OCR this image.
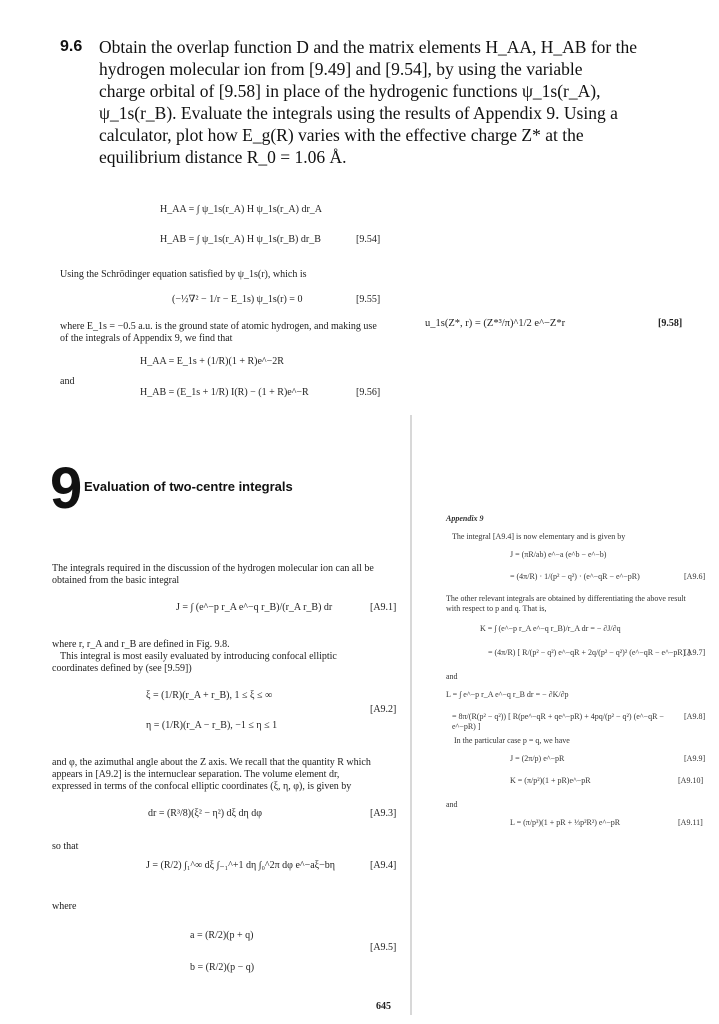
9.6 Obtain the overlap function D and the matrix elements H_AA, H_AB for the
hydrogen molecular ion from [9.49] and [9.54], by using the variable
charge orbital of [9.58] in place of the hydrogenic functions ψ_1s(r_A),
ψ_1s(r_B). Evaluate the integrals using the results of Appendix 9. Using a
calculator, plot how E_g(R) varies with the effective charge Z* at the
equilibrium distance R_0 = 1.06 Å.
H_AA = ∫ ψ_1s(r_A) H ψ_1s(r_A) dr_A
H_AB = ∫ ψ_1s(r_A) H ψ_1s(r_B) dr_B	[9.54]
Using the Schrödinger equation satisfied by ψ_1s(r), which is
(−½∇² − 1/r − E_1s) ψ_1s(r) = 0	[9.55]
where E_1s = −0.5 a.u. is the ground state of atomic hydrogen, and making use
of the integrals of Appendix 9, we find that
H_AA = E_1s + (1/R)(1 + R)e^−2R
and
H_AB = (E_1s + 1/R) I(R) − (1 + R)e^−R	[9.56]
u_1s(Z*, r) = (Z*³/π)^1/2 e^−Z*r	[9.58]
9 Evaluation of two-centre integrals
The integrals required in the discussion of the hydrogen molecular ion can all be
obtained from the basic integral
J = ∫ (e^−p r_A e^−q r_B)/(r_A r_B) dr	[A9.1]
where r, r_A and r_B are defined in Fig. 9.8.
This integral is most easily evaluated by introducing confocal elliptic
coordinates defined by (see [9.59])
ξ = (1/R)(r_A + r_B), 1 ≤ ξ ≤ ∞
[A9.2]
η = (1/R)(r_A − r_B), −1 ≤ η ≤ 1
and φ, the azimuthal angle about the Z axis. We recall that the quantity R which
appears in [A9.2] is the internuclear separation. The volume element dr,
expressed in terms of the confocal elliptic coordinates (ξ, η, φ), is given by
dr = (R³/8)(ξ² − η²) dξ dη dφ	[A9.3]
so that
J = (R/2) ∫₁^∞ dξ ∫₋₁^+1 dη ∫₀^2π dφ e^−aξ−bη	[A9.4]
where
a = (R/2)(p + q)
[A9.5]
b = (R/2)(p − q)
645
Appendix 9
The integral [A9.4] is now elementary and is given by
J = (πR/ab) e^−a (e^b − e^−b)
= (4π/R) · 1/(p² − q²) · (e^−qR − e^−pR)	[A9.6]
The other relevant integrals are obtained by differentiating the above result
with respect to p and q. That is,
K = ∫ (e^−p r_A e^−q r_B)/r_A dr = − ∂J/∂q
= (4π/R) [ R/(p² − q²) e^−qR + 2q/(p² − q²)² (e^−qR − e^−pR) ]
[A9.7]
and
L = ∫ e^−p r_A e^−q r_B dr = − ∂K/∂p
= 8π/(R(p² − q²)) [ R(pe^−qR + qe^−pR) + 4pq/(p² − q²) (e^−qR − e^−pR) ]
[A9.8]
In the particular case p = q, we have
J = (2π/p) e^−pR	[A9.9]
K = (π/p²)(1 + pR)e^−pR	[A9.10]
and
L = (π/p³)(1 + pR + ⅓p²R²) e^−pR	[A9.11]
